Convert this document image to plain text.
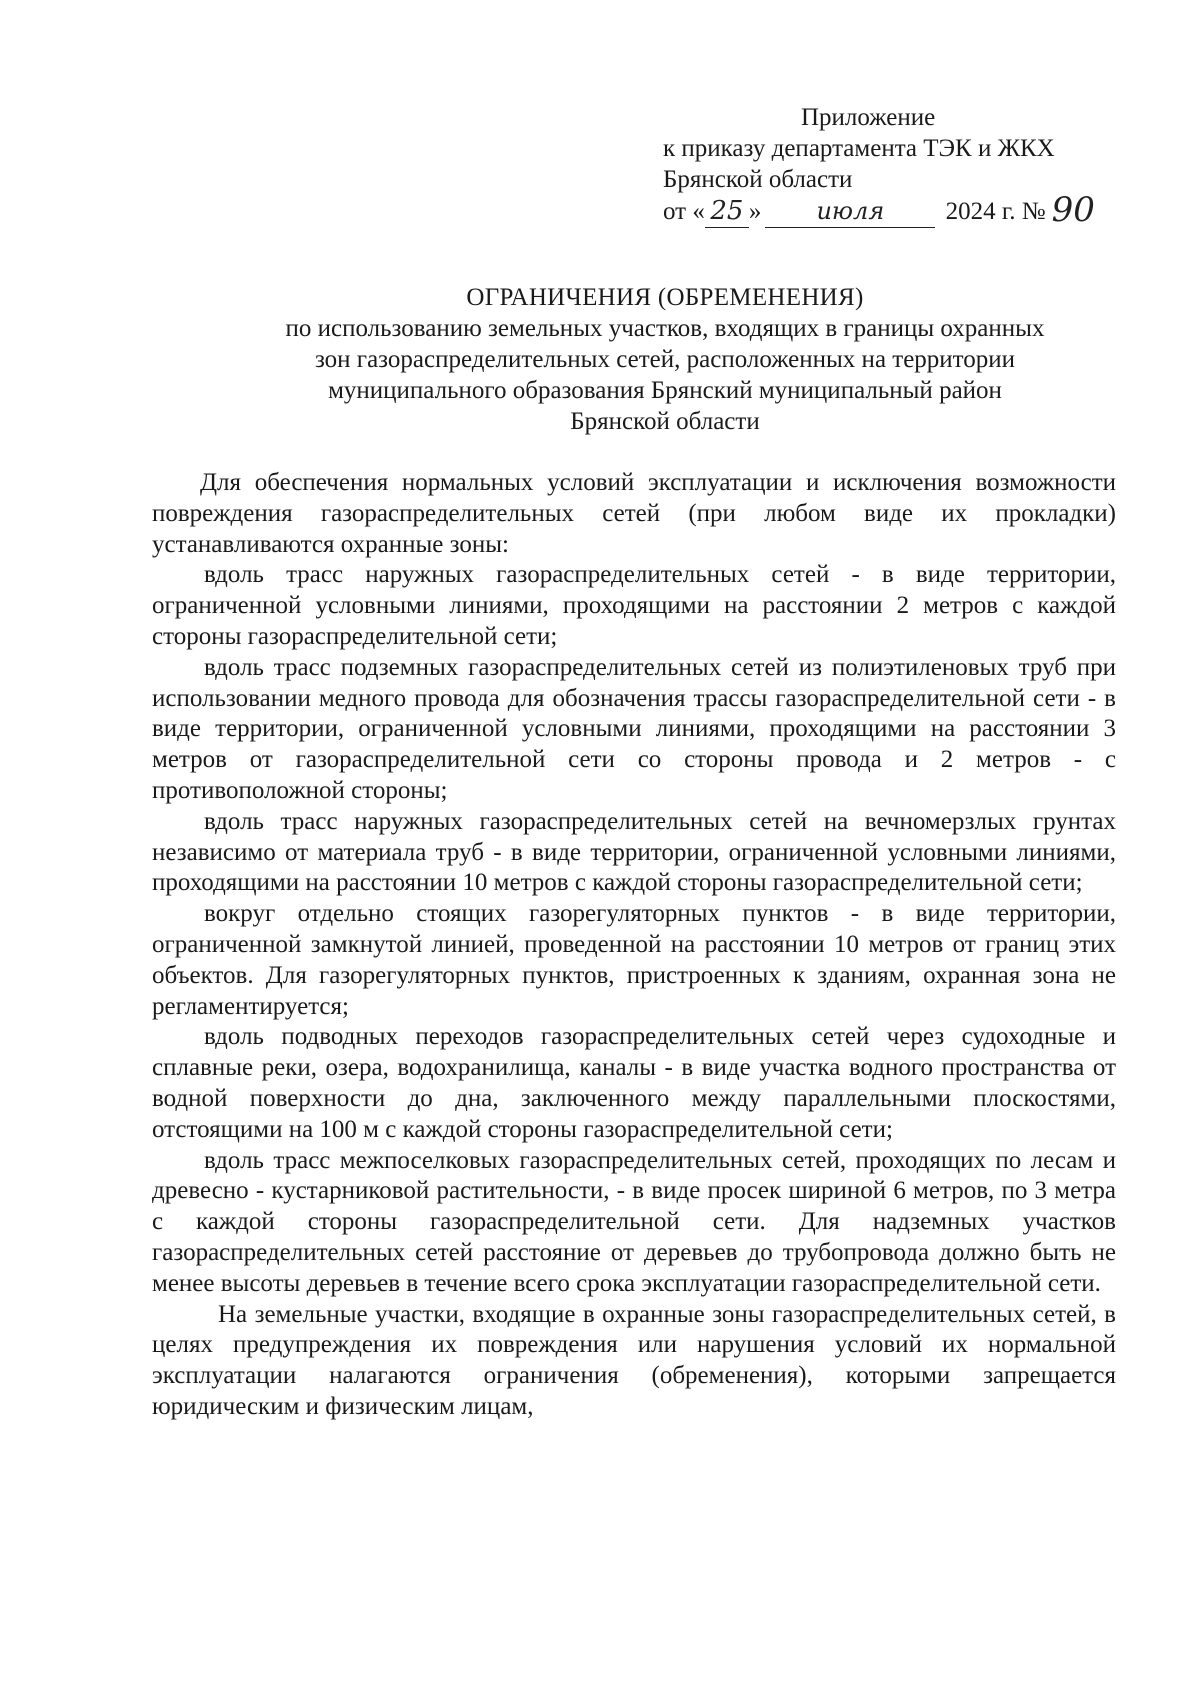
Приложение
к приказу департамента ТЭК и ЖКХ
Брянской области
от « 25 » июля 2024 г. № 90
ОГРАНИЧЕНИЯ (ОБРЕМЕНЕНИЯ)
по использованию земельных участков, входящих в границы охранных
зон газораспределительных сетей, расположенных на территории
муниципального образования Брянский муниципальный район
Брянской области

Для обеспечения нормальных условий эксплуатации и исключения возможности повреждения газораспределительных сетей (при любом виде их прокладки) устанавливаются охранные зоны:

вдоль трасс наружных газораспределительных сетей - в виде территории, ограниченной условными линиями, проходящими на расстоянии 2 метров с каждой стороны газораспределительной сети;

вдоль трасс подземных газораспределительных сетей из полиэтиленовых труб при использовании медного провода для обозначения трассы газораспределительной сети - в виде территории, ограниченной условными линиями, проходящими на расстоянии 3 метров от газораспределительной сети со стороны провода и 2 метров - с противоположной стороны;

вдоль трасс наружных газораспределительных сетей на вечномерзлых грунтах независимо от материала труб - в виде территории, ограниченной условными линиями, проходящими на расстоянии 10 метров с каждой стороны газораспределительной сети;

вокруг отдельно стоящих газорегуляторных пунктов - в виде территории, ограниченной замкнутой линией, проведенной на расстоянии 10 метров от границ этих объектов. Для газорегуляторных пунктов, пристроенных к зданиям, охранная зона не регламентируется;

вдоль подводных переходов газораспределительных сетей через судоходные и сплавные реки, озера, водохранилища, каналы - в виде участка водного пространства от водной поверхности до дна, заключенного между параллельными плоскостями, отстоящими на 100 м с каждой стороны газораспределительной сети;

вдоль трасс межпоселковых газораспределительных сетей, проходящих по лесам и древесно - кустарниковой растительности, - в виде просек шириной 6 метров, по 3 метра с каждой стороны газораспределительной сети. Для надземных участков газораспределительных сетей расстояние от деревьев до трубопровода должно быть не менее высоты деревьев в течение всего срока эксплуатации газораспределительной сети.

На земельные участки, входящие в охранные зоны газораспределительных сетей, в целях предупреждения их повреждения или нарушения условий их нормальной эксплуатации налагаются ограничения (обременения), которыми запрещается юридическим и физическим лицам,
